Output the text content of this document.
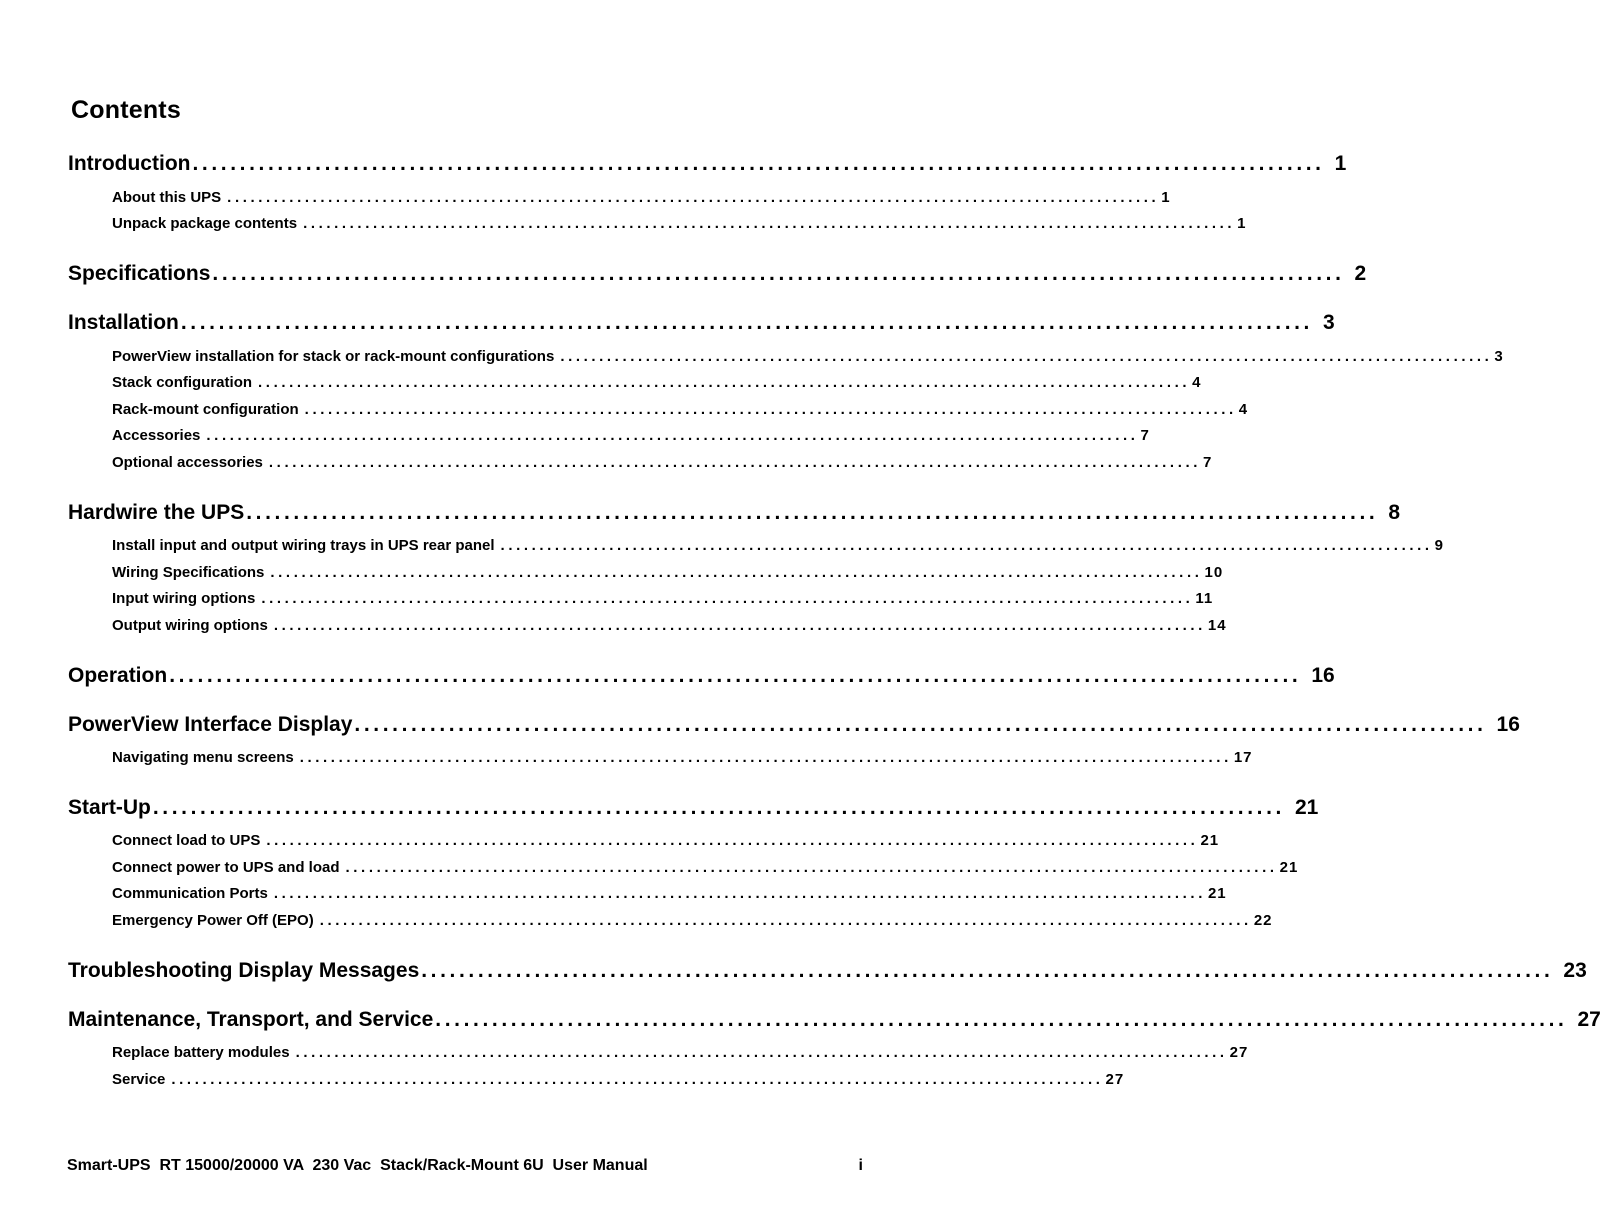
Contents
Introduction ........................................................................................................................ 1
About this UPS ........................................................................................................................ 1
Unpack package contents ........................................................................................................................ 1
Specifications ........................................................................................................................ 2
Installation ........................................................................................................................ 3
PowerView installation for stack or rack-mount configurations ........................................................................................................................ 3
Stack configuration ........................................................................................................................ 4
Rack-mount configuration ........................................................................................................................ 4
Accessories ........................................................................................................................ 7
Optional accessories ........................................................................................................................ 7
Hardwire the UPS ........................................................................................................................ 8
Install input and output wiring trays in UPS rear panel ........................................................................................................................ 9
Wiring Specifications ........................................................................................................................ 10
Input wiring options ........................................................................................................................ 11
Output wiring options ........................................................................................................................ 14
Operation ........................................................................................................................ 16
PowerView Interface Display ........................................................................................................................ 16
Navigating menu screens ........................................................................................................................ 17
Start-Up ........................................................................................................................ 21
Connect load to UPS ........................................................................................................................ 21
Connect power to UPS and load ........................................................................................................................ 21
Communication Ports ........................................................................................................................ 21
Emergency Power Off (EPO) ........................................................................................................................ 22
Troubleshooting Display Messages ........................................................................................................................ 23
Maintenance, Transport, and Service ........................................................................................................................ 27
Replace battery modules ........................................................................................................................ 27
Service ........................................................................................................................ 27
Smart-UPS  RT 15000/20000 VA  230 Vac  Stack/Rack-Mount 6U  User Manual	i
